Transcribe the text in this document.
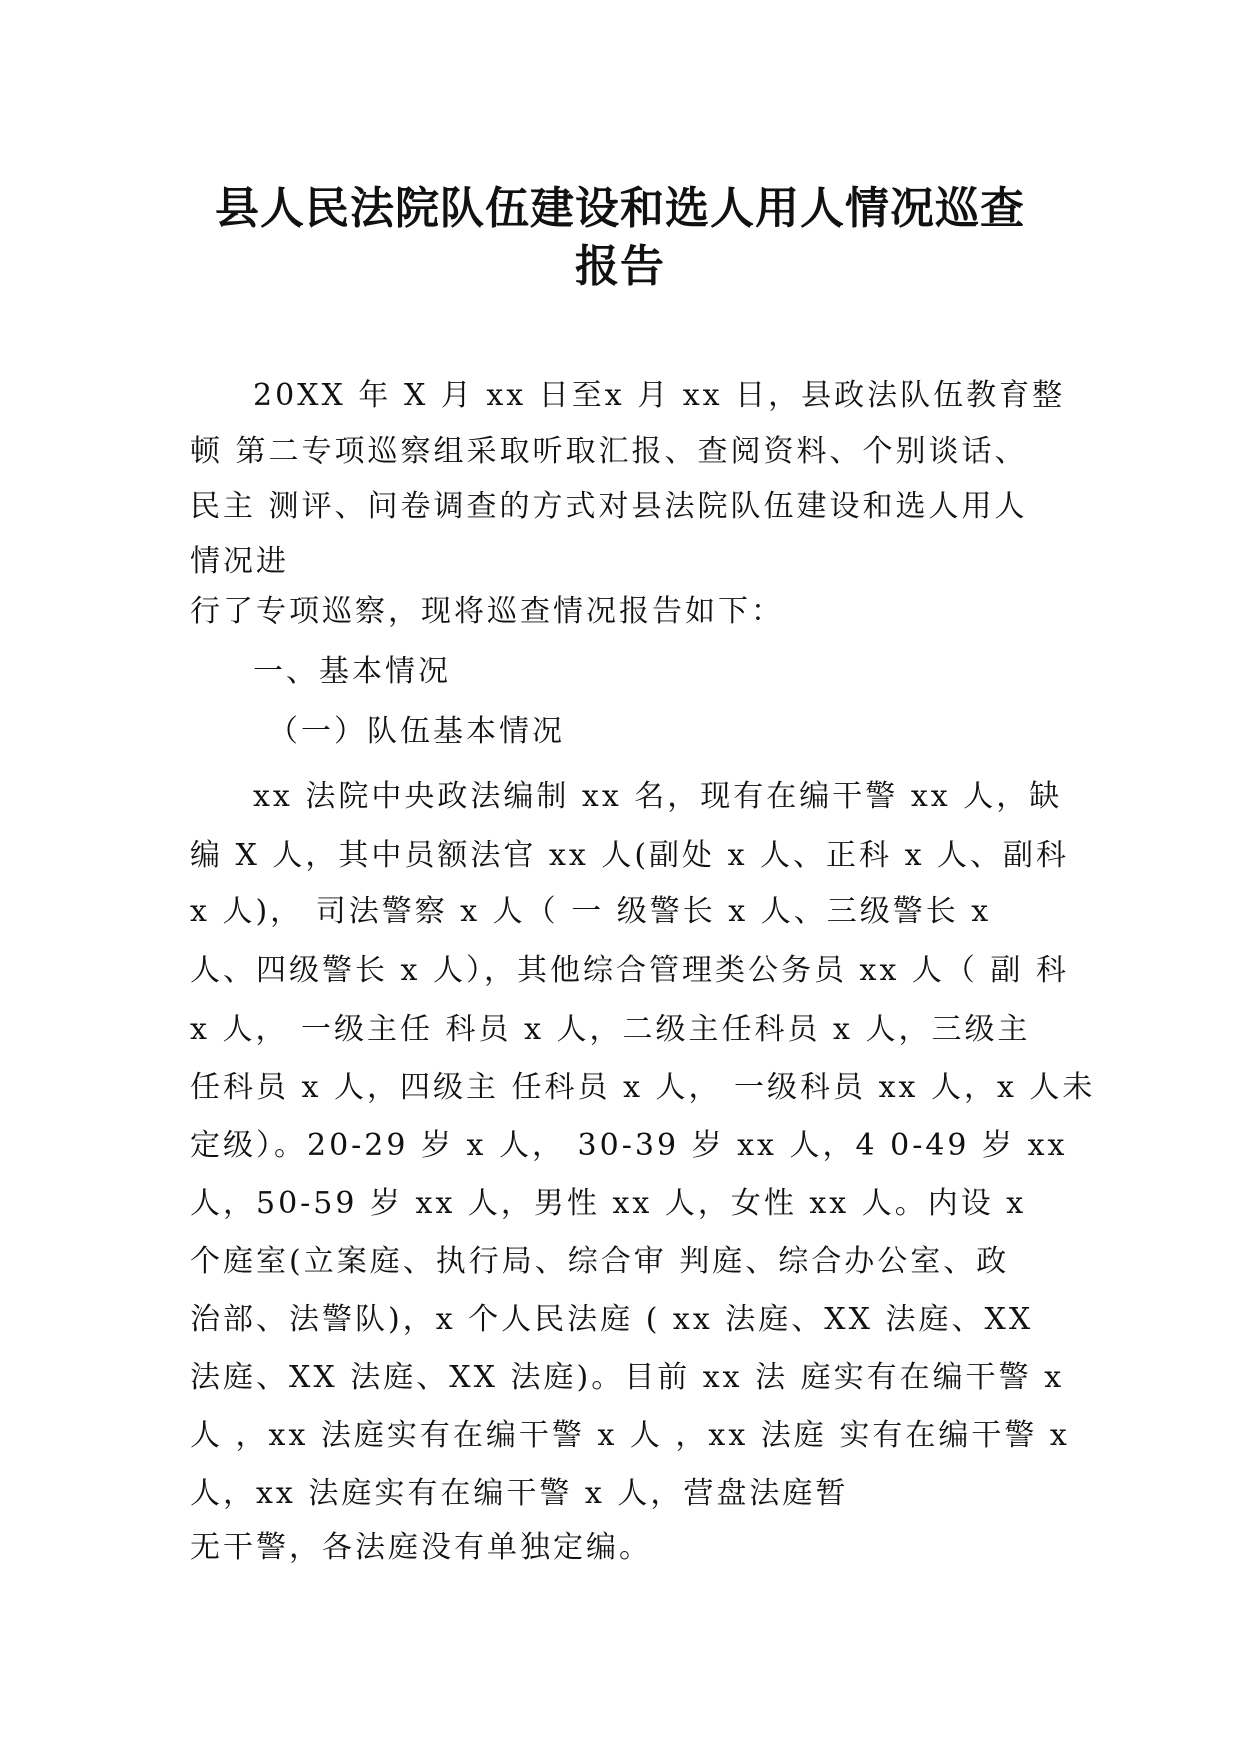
县人民法院队伍建设和选人用人情况巡查
报告
20XX 年 X 月 xx 日至x 月 xx 日，县政法队伍教育整
顿 第二专项巡察组采取听取汇报、查阅资料、个别谈话、
民主 测评、问卷调查的方式对县法院队伍建设和选人用人
情况进
行了专项巡察，现将巡查情况报告如下：
一、基本情况
（一）队伍基本情况
xx 法院中央政法编制 xx 名，现有在编干警 xx 人，缺
编 X 人，其中员额法官 xx 人(副处 x 人、正科 x 人、副科
x 人)， 司法警察 x 人（ 一 级警长 x 人、三级警长 x
人、四级警长 x 人），其他综合管理类公务员 xx 人（ 副 科
x 人， 一级主任 科员 x 人，二级主任科员 x 人，三级主
任科员 x 人，四级主 任科员 x 人， 一级科员 xx 人，x 人未
定级）。20-29 岁 x 人， 30-39 岁 xx 人，4 0-49 岁 xx
人，50-59 岁 xx 人，男性 xx 人，女性 xx 人。内设 x
个庭室(立案庭、执行局、综合审 判庭、综合办公室、政
治部、法警队)，x 个人民法庭 ( xx 法庭、XX 法庭、XX
法庭、XX 法庭、XX 法庭)。目前 xx 法 庭实有在编干警 x
人 ，xx 法庭实有在编干警 x 人 ，xx 法庭 实有在编干警 x
人，xx 法庭实有在编干警 x 人，营盘法庭暂
无干警，各法庭没有单独定编。
